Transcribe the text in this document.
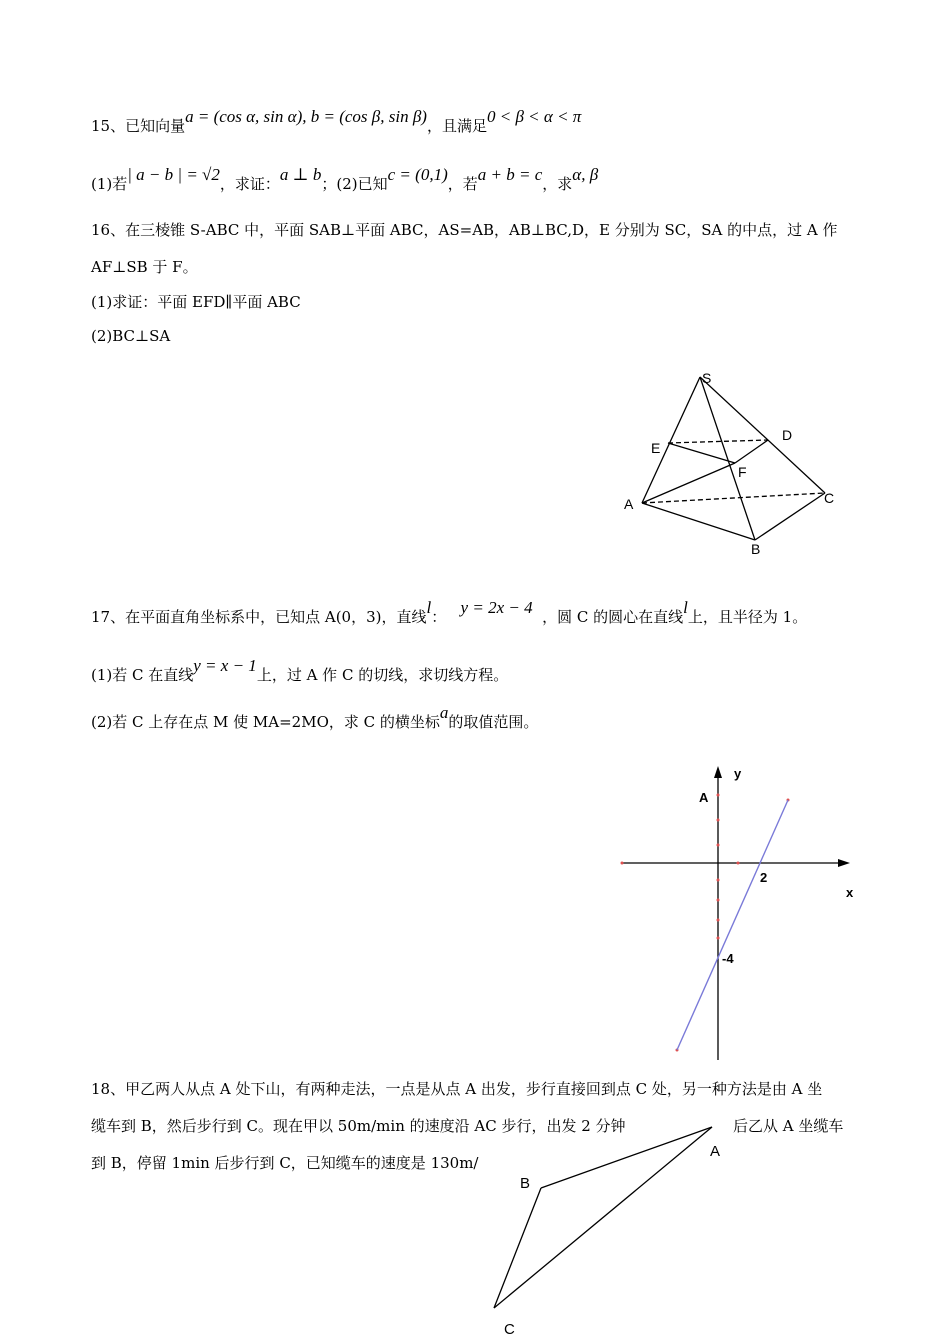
15、已知向量a = (cos α, sin α), b = (cos β, sin β)，且满足0 < β < α < π
(1)若| a − b | = √2，求证：a ⊥ b；(2)已知c = (0,1)，若a + b = c，求α, β
16、在三棱锥 S-ABC 中，平面 SAB⊥平面 ABC，AS=AB，AB⊥BC,D，E 分别为 SC，SA 的中点，过 A 作
AF⊥SB 于 F。
(1)求证：平面 EFD∥平面 ABC
(2)BC⊥SA
S
D
E
F
A	C
B
17、在平面直角坐标系中，已知点 A(0，3)，直线l： y = 2x − 4 ，圆 C 的圆心在直线l上，且半径为 1。
(1)若 C 在直线y = x − 1上，过 A 作 C 的切线，求切线方程。
(2)若 C 上存在点 M 使 MA=2MO，求 C 的横坐标a的取值范围。
y
A
2
x
-4
18、甲乙两人从点 A 处下山，有两种走法，一点是从点 A 出发，步行直接回到点 C 处，另一种方法是由 A 坐
缆车到 B，然后步行到 C。现在甲以 50m/min 的速度沿 AC 步行，出发 2 分钟	后乙从 A 坐缆车
到 B，停留 1min 后步行到 C，已知缆车的速度是 130m/
A
B
C
